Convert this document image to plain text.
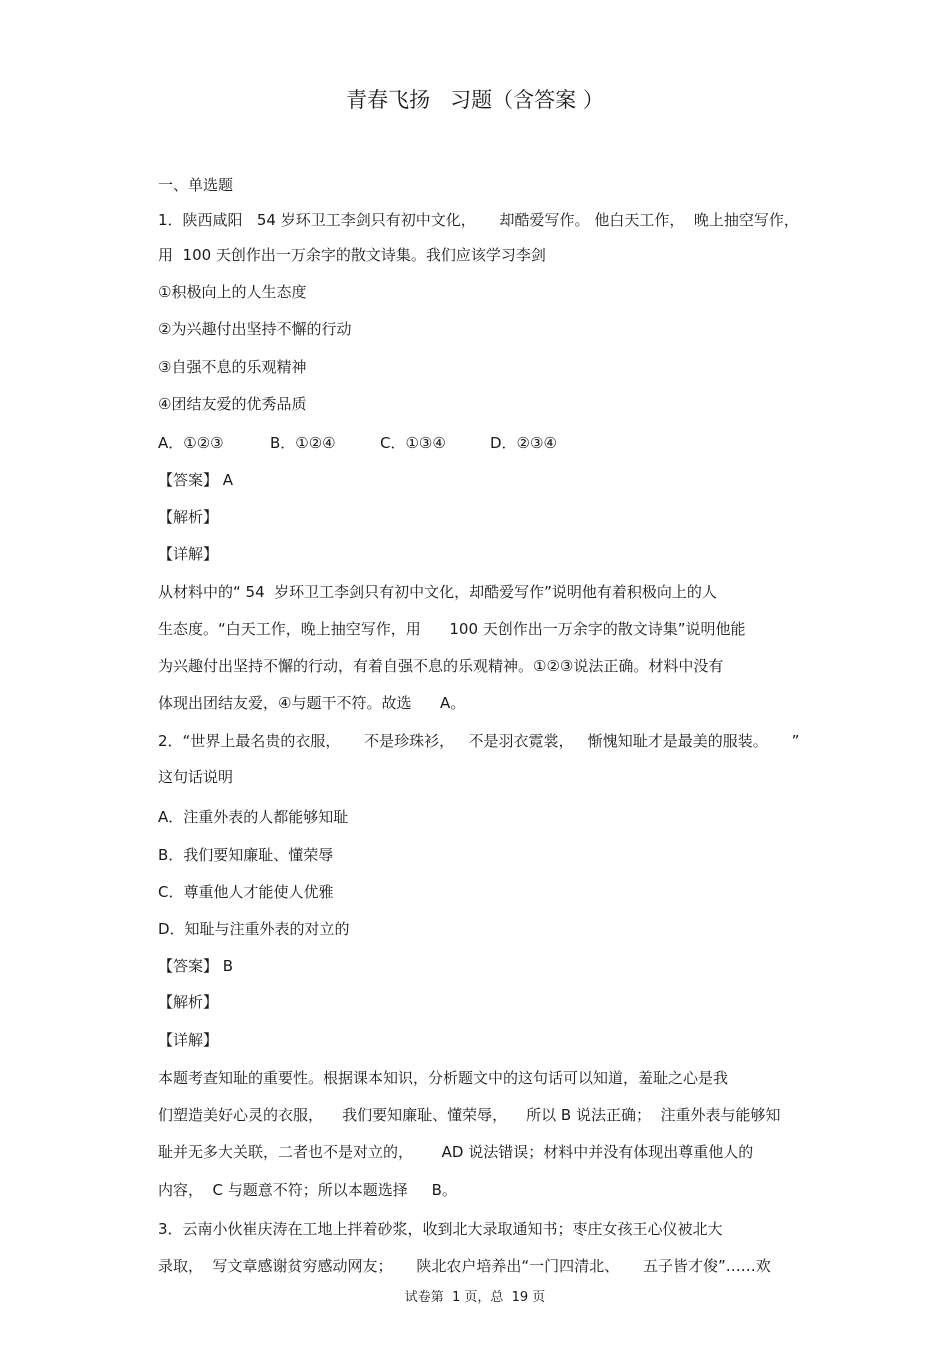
青春飞扬   习题（含答案 ）
一、单选题
1．陕西咸阳   54 岁环卫工李剑只有初中文化，     却酷爱写作。 他白天工作，  晚上抽空写作，
用  100 天创作出一万余字的散文诗集。我们应该学习李剑
①积极向上的人生态度
②为兴趣付出坚持不懈的行动
③自强不息的乐观精神
④团结友爱的优秀品质

A．①②③

	B．①②④

	C．①③④

	D．②③④

【答案】 A
【解析】
【详解】
从材料中的“ 54  岁环卫工李剑只有初中文化，却酷爱写作”说明他有着积极向上的人
生态度。“白天工作，晚上抽空写作，用      100 天创作出一万余字的散文诗集”说明他能
为兴趣付出坚持不懈的行动，有着自强不息的乐观精神。①②③说法正确。材料中没有
体现出团结友爱，④与题干不符。故选      A。
2．“世界上最名贵的衣服，     不是珍珠衫，   不是羽衣霓裳，   惭愧知耻才是最美的服装。     ”
这句话说明
A．注重外表的人都能够知耻
B．我们要知廉耻、懂荣辱
C．尊重他人才能使人优雅
D．知耻与注重外表的对立的
【答案】 B
【解析】
【详解】
本题考查知耻的重要性。根据课本知识，分析题文中的这句话可以知道，羞耻之心是我
们塑造美好心灵的衣服，    我们要知廉耻、懂荣辱，    所以 B 说法正确；  注重外表与能够知
耻并无多大关联，二者也不是对立的，      AD 说法错误；材料中并没有体现出尊重他人的
内容，  C 与题意不符；所以本题选择     B。
3．云南小伙崔庆涛在工地上拌着砂浆，收到北大录取通知书；枣庄女孩王心仪被北大
录取，  写文章感谢贫穷感动网友；     陕北农户培养出“一门四清北、     五子皆才俊”……欢
试卷第  1 页，总  19 页
